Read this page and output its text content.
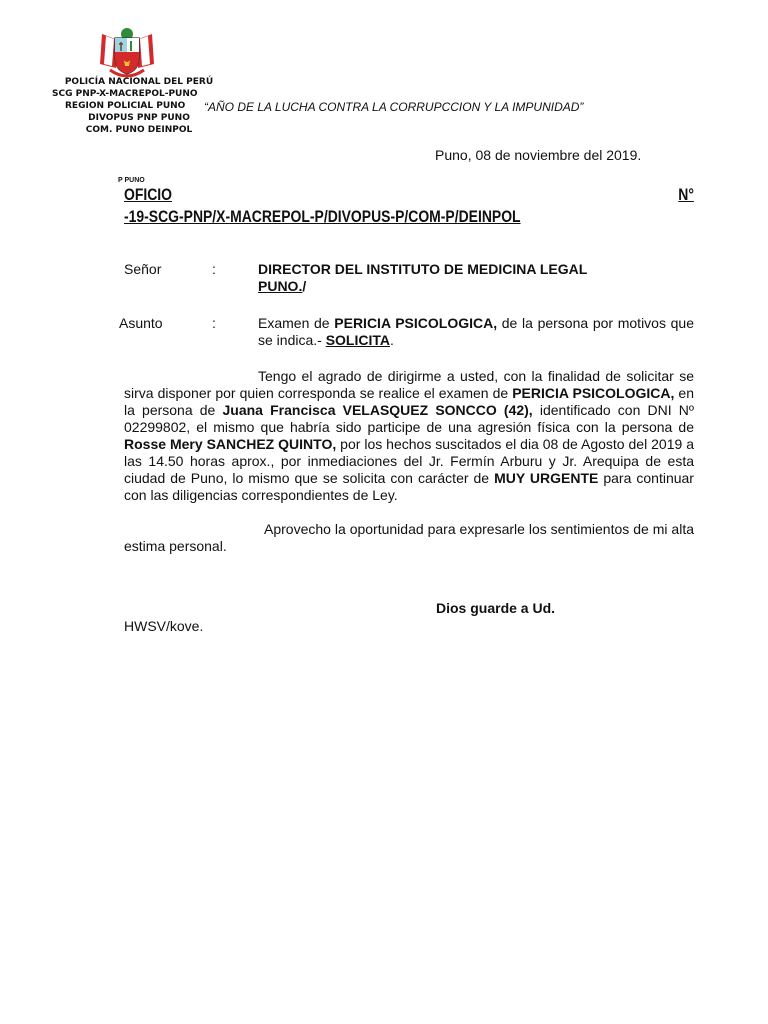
POLICÍA NACIONAL DEL PERÚ
SCG PNP-X-MACREPOL-PUNO
REGION POLICIAL PUNO
DIVOPUS PNP PUNO
COM. PUNO DEINPOL
“AÑO DE LA LUCHA CONTRA LA CORRUPCCION Y LA IMPUNIDAD”
Puno, 08 de noviembre del 2019.
P PUNO
OFICIO	N°
-19-SCG-PNP/X-MACREPOL-P/DIVOPUS-P/COM-P/DEINPOL
Señor	:	DIRECTOR DEL INSTITUTO DE MEDICINA LEGAL
PUNO./
Asunto	:	Examen de PERICIA PSICOLOGICA, de la persona por motivos que se indica.- SOLICITA.

Tengo el agrado de dirigirme a usted, con la finalidad de solicitar se sirva disponer por quien corresponda se realice el examen de PERICIA PSICOLOGICA, en la persona de Juana Francisca VELASQUEZ SONCCO (42), identificado con DNI Nº 02299802, el mismo que habría sido participe de una agresión física con la persona de Rosse Mery SANCHEZ QUINTO, por los hechos suscitados el dia 08 de Agosto del 2019 a las 14.50 horas aprox., por inmediaciones del Jr. Fermín Arburu y Jr. Arequipa de esta ciudad de Puno, lo mismo que se solicita con carácter de MUY URGENTE para continuar con las diligencias correspondientes de Ley.

Aprovecho la oportunidad para expresarle los sentimientos de mi alta estima personal.

Dios guarde a Ud.
HWSV/kove.
